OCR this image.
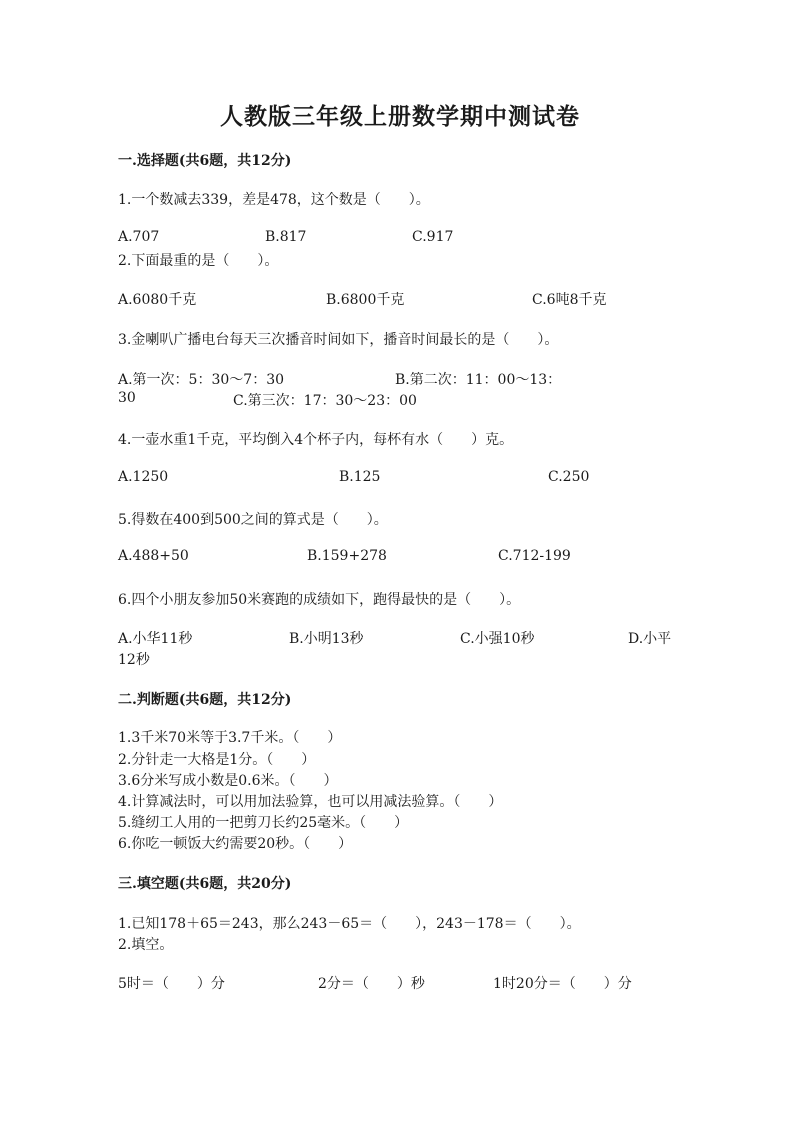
人教版三年级上册数学期中测试卷
一.选择题(共6题，共12分)
1.一个数减去339，差是478，这个数是（　　）。
A.707	B.817	C.917
2.下面最重的是（　　）。
A.6080千克	B.6800千克	C.6吨8千克
3.金喇叭广播电台每天三次播音时间如下，播音时间最长的是（　　）。
A.第一次：5：30～7：30	B.第二次：11：00～13：
30	C.第三次：17：30～23：00
4.一壶水重1千克，平均倒入4个杯子内，每杯有水（　　）克。
A.1250	B.125	C.250
5.得数在400到500之间的算式是（　　）。
A.488+50	B.159+278	C.712-199
6.四个小朋友参加50米赛跑的成绩如下，跑得最快的是（　　）。
A.小华11秒	B.小明13秒	C.小强10秒	D.小平
12秒
二.判断题(共6题，共12分)
1.3千米70米等于3.7千米。（　　）
2.分针走一大格是1分。（　　）
3.6分米写成小数是0.6米。（　　）
4.计算减法时，可以用加法验算，也可以用减法验算。（　　）
5.缝纫工人用的一把剪刀长约25毫米。（　　）
6.你吃一顿饭大约需要20秒。（　　）
三.填空题(共6题，共20分)
1.已知178＋65＝243，那么243－65＝（　　），243－178＝（　　）。
2.填空。
5时＝（　　）分	2分＝（　　）秒	1时20分＝（　　）分
